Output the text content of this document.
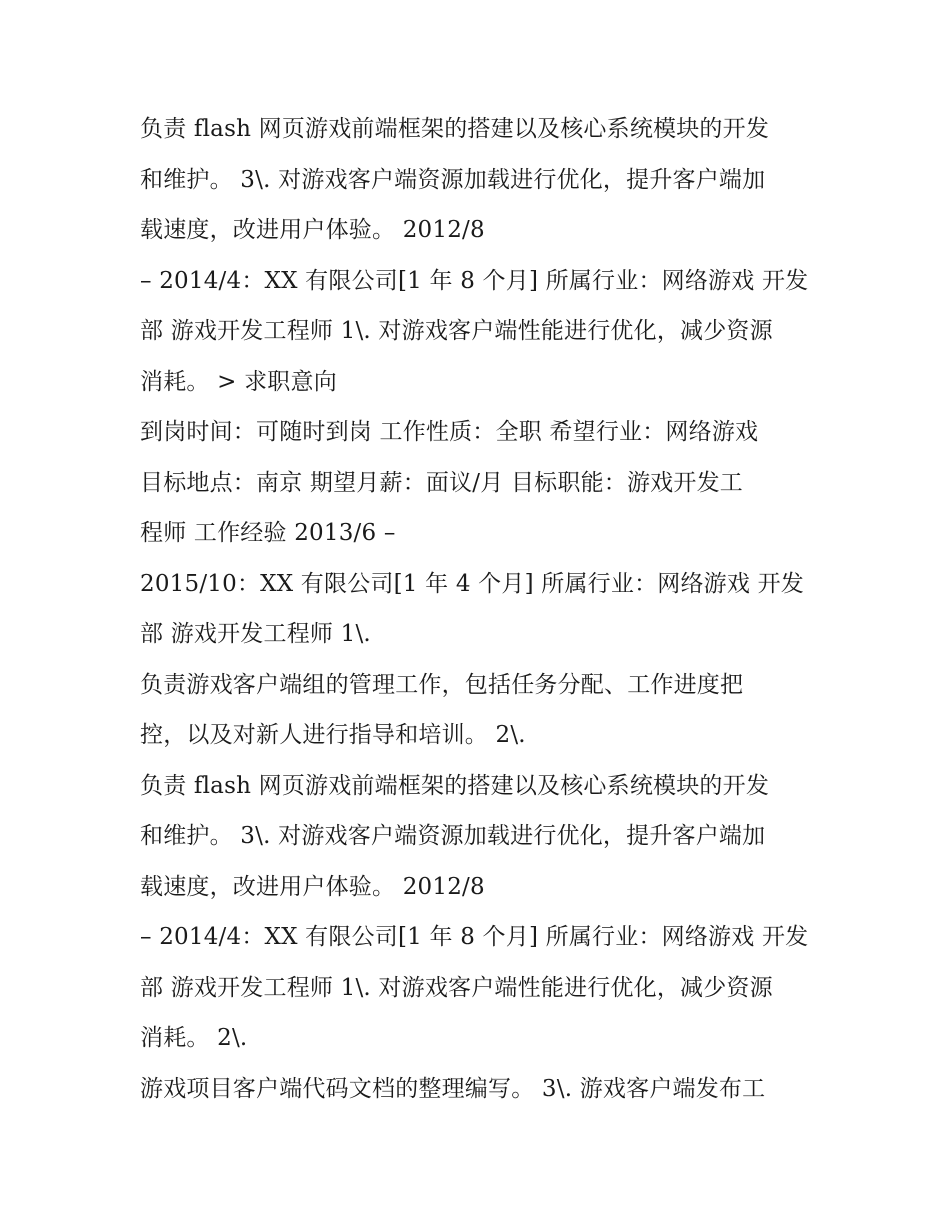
负责 flash 网页游戏前端框架的搭建以及核心系统模块的开发
和维护。 3\. 对游戏客户端资源加载进行优化，提升客户端加
载速度，改进用户体验。 2012/8
– 2014/4：XX 有限公司[1 年 8 个月] 所属行业：网络游戏 开发
部 游戏开发工程师 1\. 对游戏客户端性能进行优化，减少资源
消耗。 > 求职意向
到岗时间：可随时到岗 工作性质：全职 希望行业：网络游戏
目标地点：南京 期望月薪：面议/月 目标职能：游戏开发工
程师 工作经验 2013/6 –
2015/10：XX 有限公司[1 年 4 个月] 所属行业：网络游戏 开发
部 游戏开发工程师 1\.
负责游戏客户端组的管理工作，包括任务分配、工作进度把
控，以及对新人进行指导和培训。 2\.
负责 flash 网页游戏前端框架的搭建以及核心系统模块的开发
和维护。 3\. 对游戏客户端资源加载进行优化，提升客户端加
载速度，改进用户体验。 2012/8
– 2014/4：XX 有限公司[1 年 8 个月] 所属行业：网络游戏 开发
部 游戏开发工程师 1\. 对游戏客户端性能进行优化，减少资源
消耗。 2\.
游戏项目客户端代码文档的整理编写。 3\. 游戏客户端发布工
